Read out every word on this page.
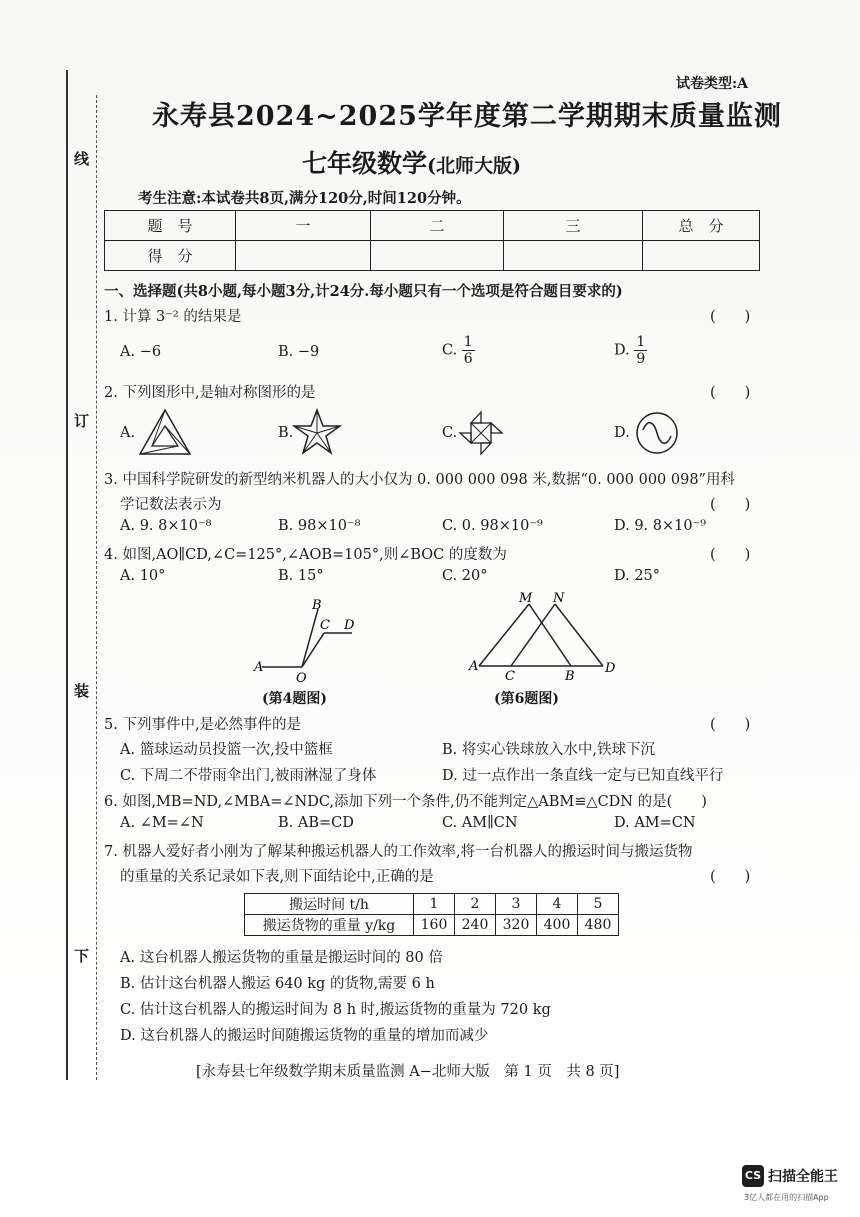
线
订
装
下
试卷类型:A
永寿县2024~2025学年度第二学期期末质量监测
七年级数学(北师大版)
考生注意:本试卷共8页,满分120分,时间120分钟。
题　号	一	二	三	总　分
得　分				
一、选择题(共8小题,每小题3分,计24分.每小题只有一个选项是符合题目要求的)
1. 计算 3⁻² 的结果是	(　　)
A. −6	B. −9	C. $\frac{1}{6}$	D. $\frac{1}{9}$
2. 下列图形中,是轴对称图形的是	(　　)
A.	B.	C.	D.
3. 中国科学院研发的新型纳米机器人的大小仅为 0. 000 000 098 米,数据“0. 000 000 098”用科
学记数法表示为	(　　)
A. 9. 8×10⁻⁸	B. 98×10⁻⁸	C. 0. 98×10⁻⁹	D. 9. 8×10⁻⁹
4. 如图,AO∥CD,∠C=125°,∠AOB=105°,则∠BOC 的度数为	(　　)
A. 10°	B. 15°	C. 20°	D. 25°
A
O
B
C D
(第4题图)
A
C	B
D
M N
(第6题图)
5. 下列事件中,是必然事件的是	(　　)
A. 篮球运动员投篮一次,投中篮框	B. 将实心铁球放入水中,铁球下沉
C. 下周二不带雨伞出门,被雨淋湿了身体	D. 过一点作出一条直线一定与已知直线平行
6. 如图,MB=ND,∠MBA=∠NDC,添加下列一个条件,仍不能判定△ABM≌△CDN 的是(　　)
A. ∠M=∠N	B. AB=CD	C. AM∥CN	D. AM=CN
7. 机器人爱好者小刚为了解某种搬运机器人的工作效率,将一台机器人的搬运时间与搬运货物
的重量的关系记录如下表,则下面结论中,正确的是	(　　)
搬运时间 t/h	1	2	3	4	5
搬运货物的重量 y/kg	160	240	320	400	480
A. 这台机器人搬运货物的重量是搬运时间的 80 倍
B. 估计这台机器人搬运 640 kg 的货物,需要 6 h
C. 估计这台机器人的搬运时间为 8 h 时,搬运货物的重量为 720 kg
D. 这台机器人的搬运时间随搬运货物的重量的增加而减少
[永寿县七年级数学期末质量监测 A−北师大版　第 1 页　共 8 页]
CS 扫描全能王
3亿人都在用的扫描App
